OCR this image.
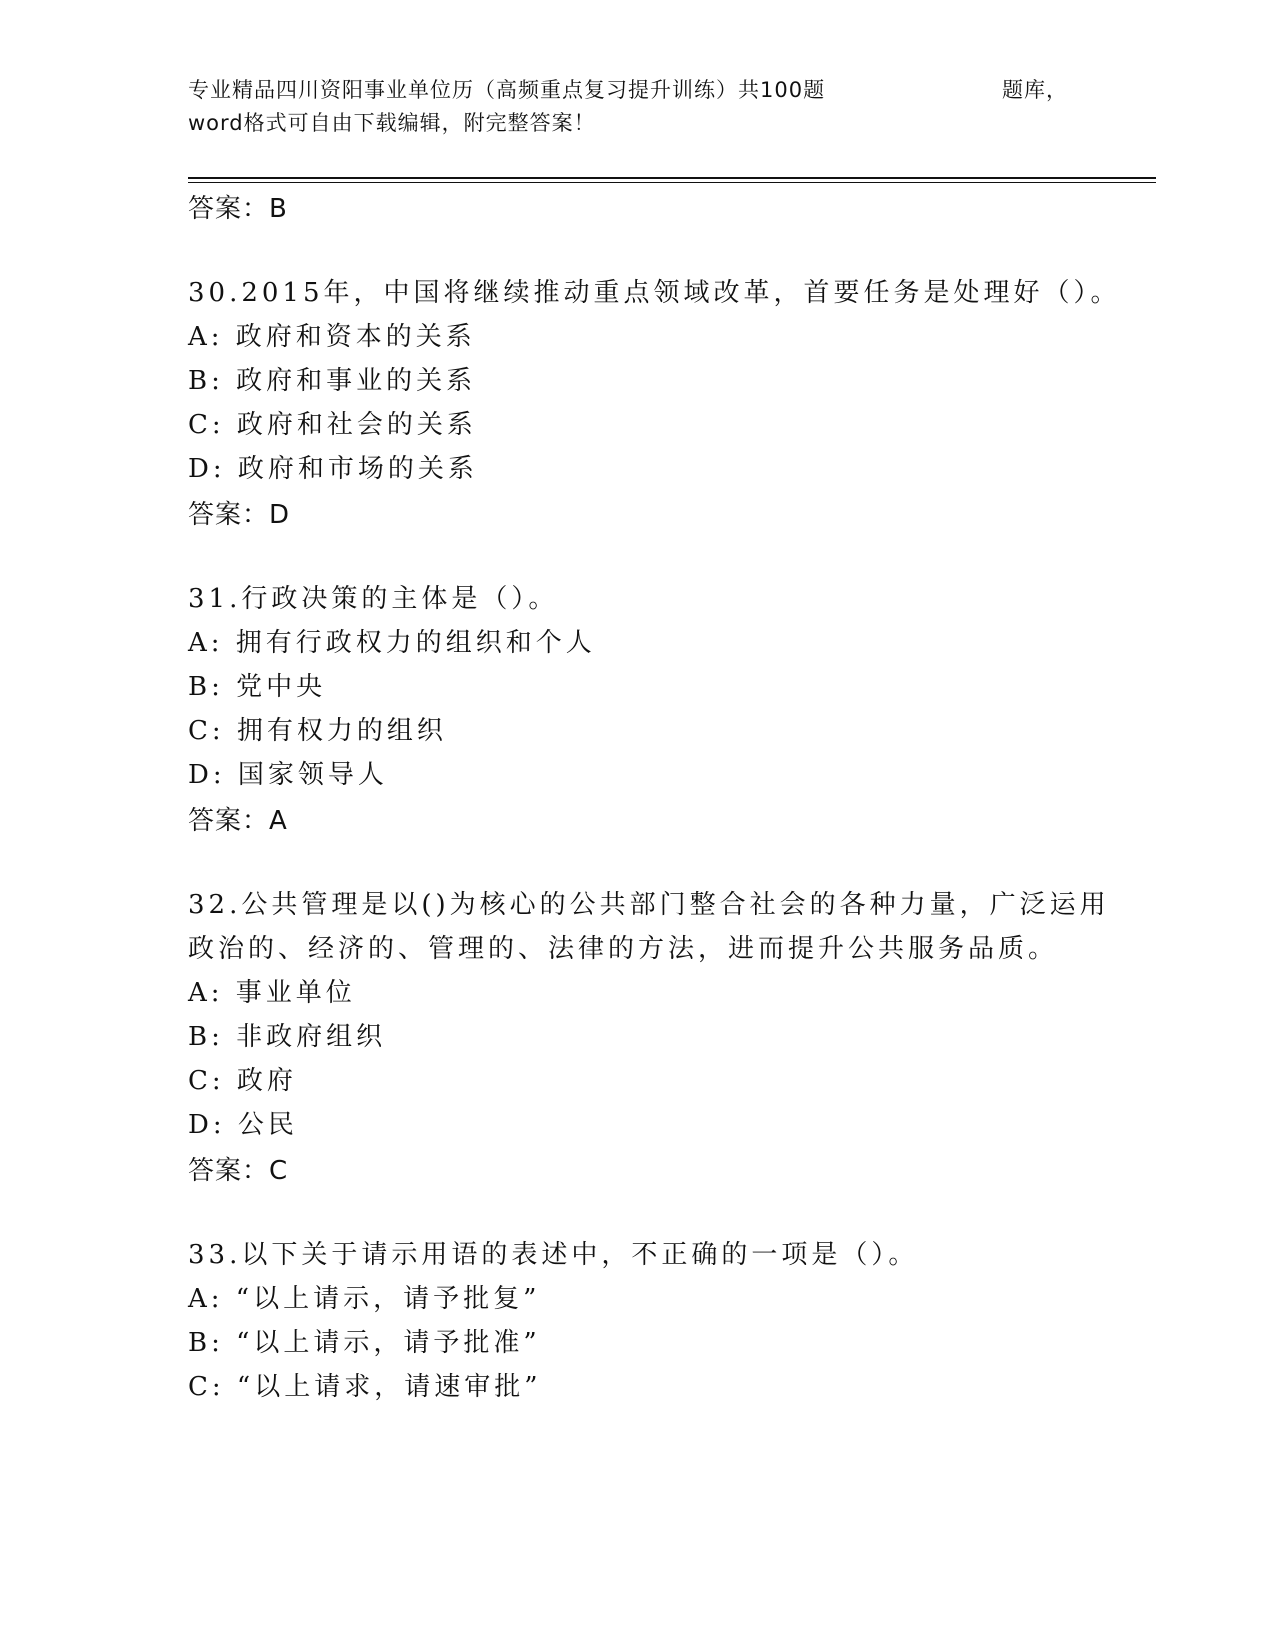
专业精品四川资阳事业单位历（高频重点复习提升训练）共100题	题库，
word格式可自由下载编辑，附完整答案！
答案：B
30.2015年，中国将继续推动重点领域改革，首要任务是处理好（）。
A: 政府和资本的关系
B: 政府和事业的关系
C: 政府和社会的关系
D: 政府和市场的关系
答案：D
31.行政决策的主体是（）。
A: 拥有行政权力的组织和个人
B: 党中央
C: 拥有权力的组织
D: 国家领导人
答案：A
32.公共管理是以()为核心的公共部门整合社会的各种力量，广泛运用
政治的、经济的、管理的、法律的方法，进而提升公共服务品质。
A: 事业单位
B: 非政府组织
C: 政府
D: 公民
答案：C
33.以下关于请示用语的表述中，不正确的一项是（）。
A: “以上请示，请予批复”
B: “以上请示，请予批准”
C: “以上请求，请速审批”
